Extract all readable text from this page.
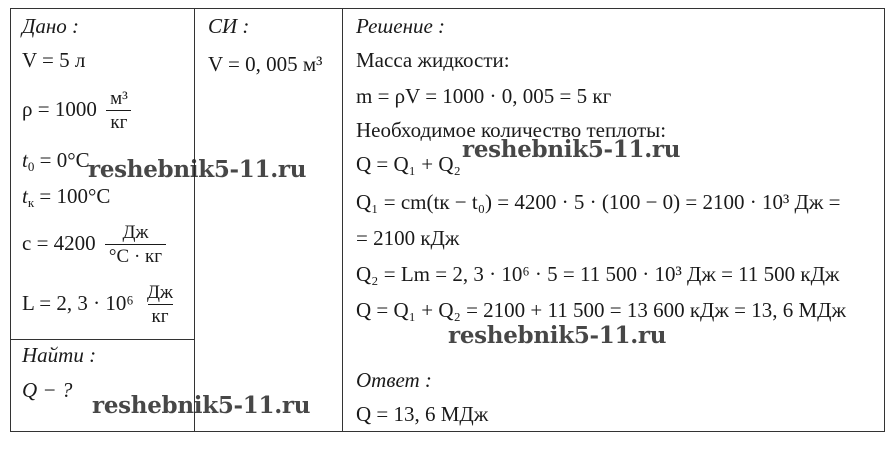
Дано :	СИ :	Решение :
V = 5 л
$\rho = 1000 \frac{\text{м³}}{кг}$
$t_0 = 0^\circ C$
$t_к = 100^\circ C$
$c = 4200 \frac{Дж}{^\circ C \cdot кг}$
L = 2, $3 \cdot 10^6 \frac{Дж}{кг}$
Найти :
Q − ?
V = 0, 005 м³ Масса жидкости:
m = ρV = 1000 · 0, 005 = 5 кг
Необходимое количество теплоты:
Q = Q₁ + Q₂
Q₁ = cm(tк − t₀) = 4200 · 5 · (100 − 0) = 2100 · 10³ Дж =
= 2100 кДж
Q₂ = Lm = 2, 3 · 10⁶ · 5 = 11 500 · 10³ Дж = 11 500 кДж
Q = Q₁ + Q₂ = 2100 + 11 500 = 13 600 кДж = 13, 6 МДж
Ответ :
Q = 13, 6 МДж
reshebnik5-11.ru
reshebnik5-11.ru
reshebnik5-11.ru
reshebnik5-11.ru
